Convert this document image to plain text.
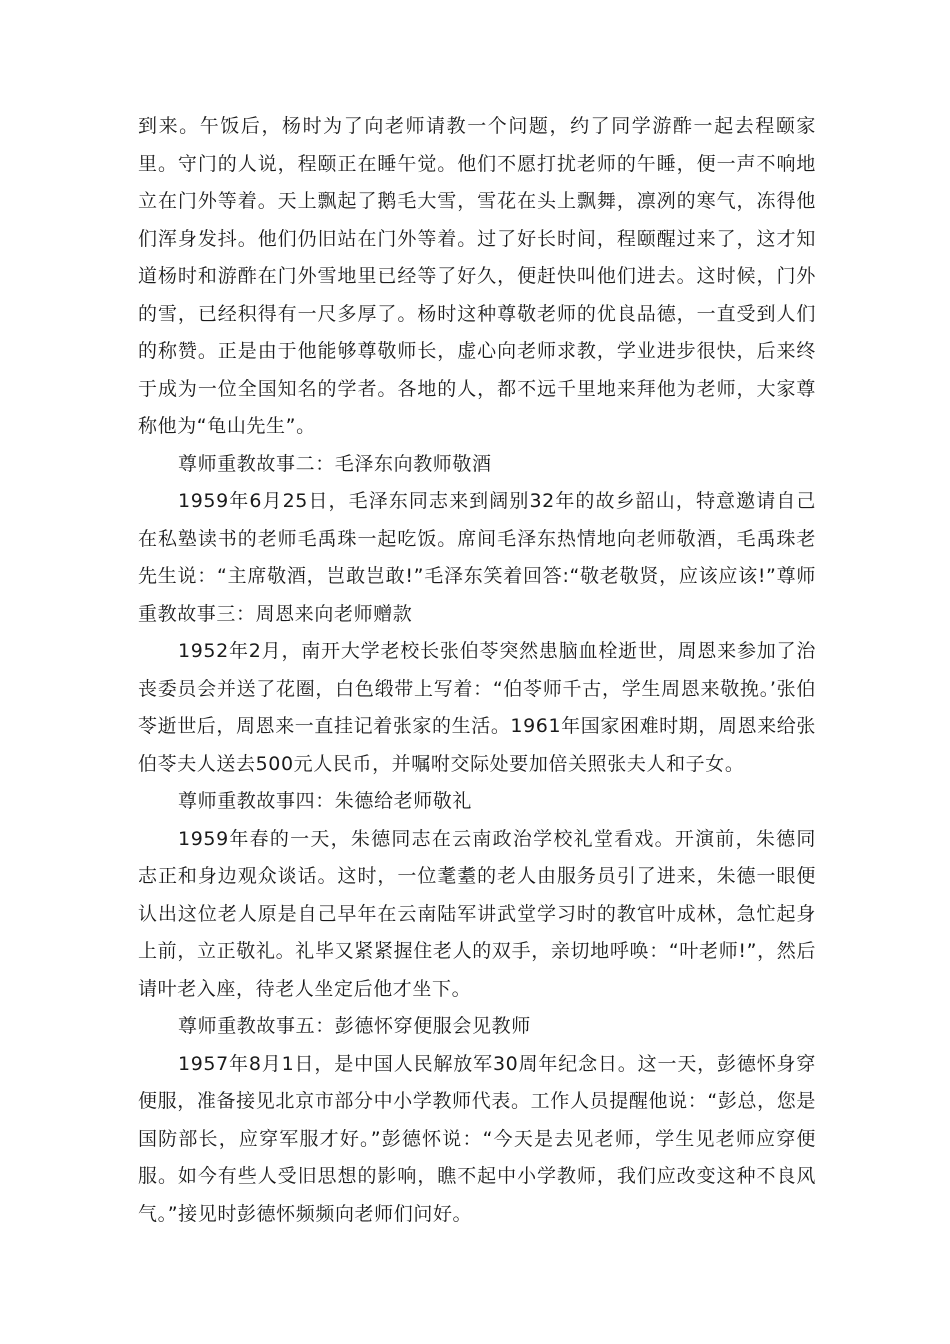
到来。午饭后，杨时为了向老师请教一个问题，约了同学游酢一起去程颐家里。守门的人说，程颐正在睡午觉。他们不愿打扰老师的午睡，便一声不响地立在门外等着。天上飘起了鹅毛大雪，雪花在头上飘舞，凛冽的寒气，冻得他们浑身发抖。他们仍旧站在门外等着。过了好长时间，程颐醒过来了，这才知道杨时和游酢在门外雪地里已经等了好久，便赶快叫他们进去。这时候，门外的雪，已经积得有一尺多厚了。杨时这种尊敬老师的优良品德，一直受到人们的称赞。正是由于他能够尊敬师长，虚心向老师求教，学业进步很快，后来终于成为一位全国知名的学者。各地的人，都不远千里地来拜他为老师，大家尊称他为“龟山先生”。

尊师重教故事二：毛泽东向教师敬酒

1959年6月25日，毛泽东同志来到阔别32年的故乡韶山，特意邀请自己在私塾读书的老师毛禹珠一起吃饭。席间毛泽东热情地向老师敬酒，毛禹珠老先生说：“主席敬酒，岂敢岂敢!”毛泽东笑着回答:“敬老敬贤，应该应该!”尊师重教故事三：周恩来向老师赠款

1952年2月，南开大学老校长张伯苓突然患脑血栓逝世，周恩来参加了治丧委员会并送了花圈，白色缎带上写着：“伯苓师千古，学生周恩来敬挽。’张伯苓逝世后，周恩来一直挂记着张家的生活。1961年国家困难时期，周恩来给张伯苓夫人送去500元人民币，并嘱咐交际处要加倍关照张夫人和子女。

尊师重教故事四：朱德给老师敬礼

1959年春的一天，朱德同志在云南政治学校礼堂看戏。开演前，朱德同志正和身边观众谈话。这时，一位耄耋的老人由服务员引了进来，朱德一眼便认出这位老人原是自己早年在云南陆军讲武堂学习时的教官叶成林，急忙起身上前，立正敬礼。礼毕又紧紧握住老人的双手，亲切地呼唤：“叶老师!”，然后请叶老入座，待老人坐定后他才坐下。

尊师重教故事五：彭德怀穿便服会见教师

1957年8月1日，是中国人民解放军30周年纪念日。这一天，彭德怀身穿便服，准备接见北京市部分中小学教师代表。工作人员提醒他说：“彭总，您是国防部长，应穿军服才好。”彭德怀说：“今天是去见老师，学生见老师应穿便服。如今有些人受旧思想的影响，瞧不起中小学教师，我们应改变这种不良风气。”接见时彭德怀频频向老师们问好。
